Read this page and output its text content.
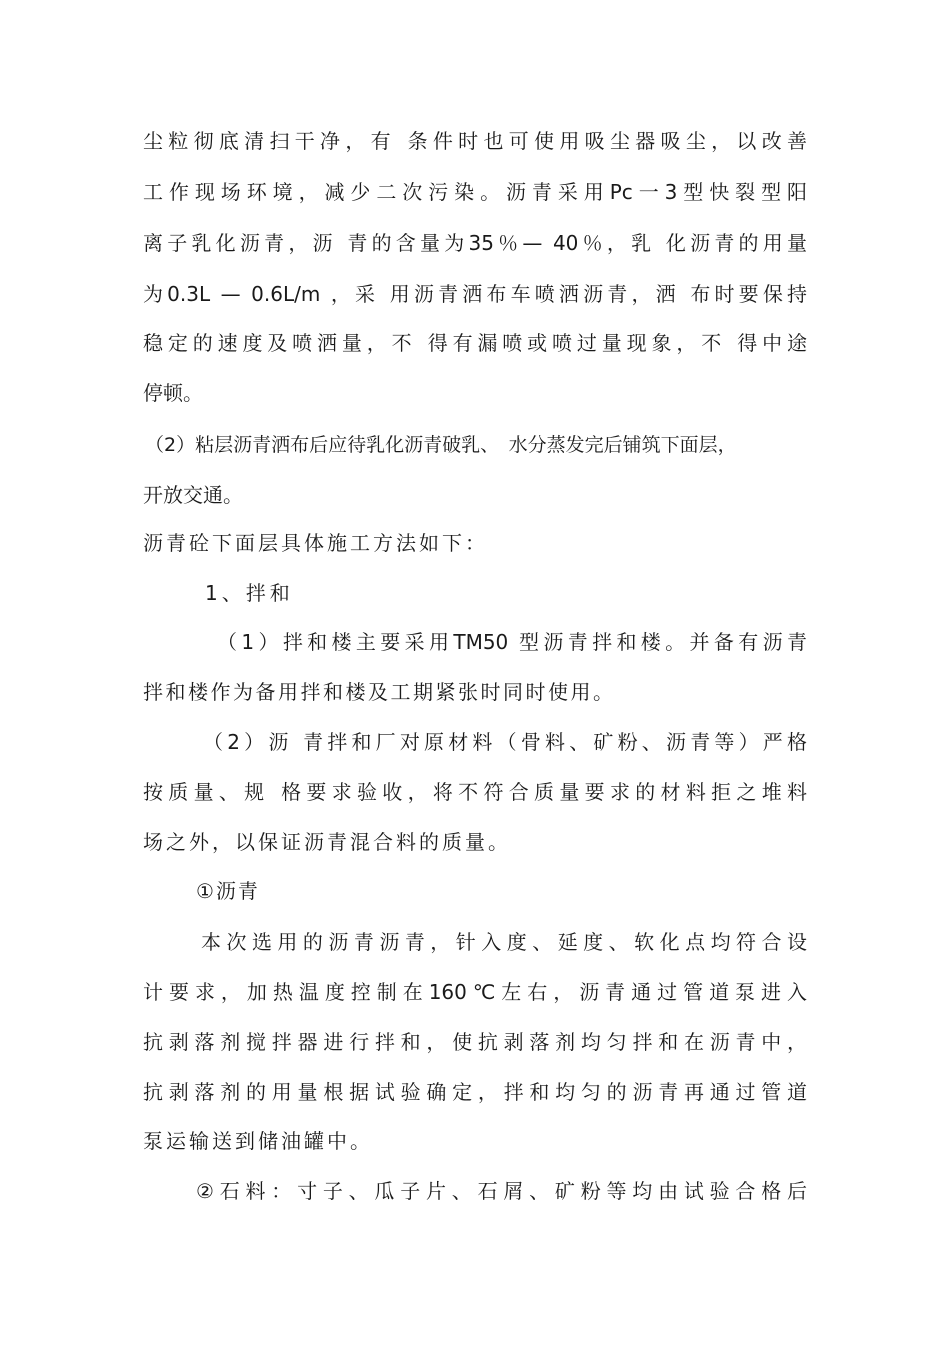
尘粒彻底清扫干净，有 条件时也可使用吸尘器吸尘，以改善
工作现场环境，减少二次污染。沥青采用Pc一3型快裂型阳
离子乳化沥青，沥 青的含量为35％— 40％，乳 化沥青的用量
为0.3L — 0.6L/m ，采 用沥青洒布车喷洒沥青，洒 布时要保持
稳定的速度及喷洒量，不 得有漏喷或喷过量现象，不 得中途
停顿。
（2）粘层沥青洒布后应待乳化沥青破乳、　水分蒸发完后铺筑下面层，
开放交通。
沥青砼下面层具体施工方法如下：
1、拌和
（1）拌和楼主要采用TM50 型沥青拌和楼。并备有沥青
拌和楼作为备用拌和楼及工期紧张时同时使用。
（2）沥 青拌和厂对原材料（骨料、矿粉、沥青等）严格
按质量、规 格要求验收，将不符合质量要求的材料拒之堆料
场之外，以保证沥青混合料的质量。
①沥青
本次选用的沥青沥青，针入度、延度、软化点均符合设
计要求，加热温度控制在160℃左右，沥青通过管道泵进入
抗剥落剂搅拌器进行拌和，使抗剥落剂均匀拌和在沥青中，
抗剥落剂的用量根据试验确定，拌和均匀的沥青再通过管道
泵运输送到储油罐中。
②石料：寸子、瓜子片、石屑、矿粉等均由试验合格后
